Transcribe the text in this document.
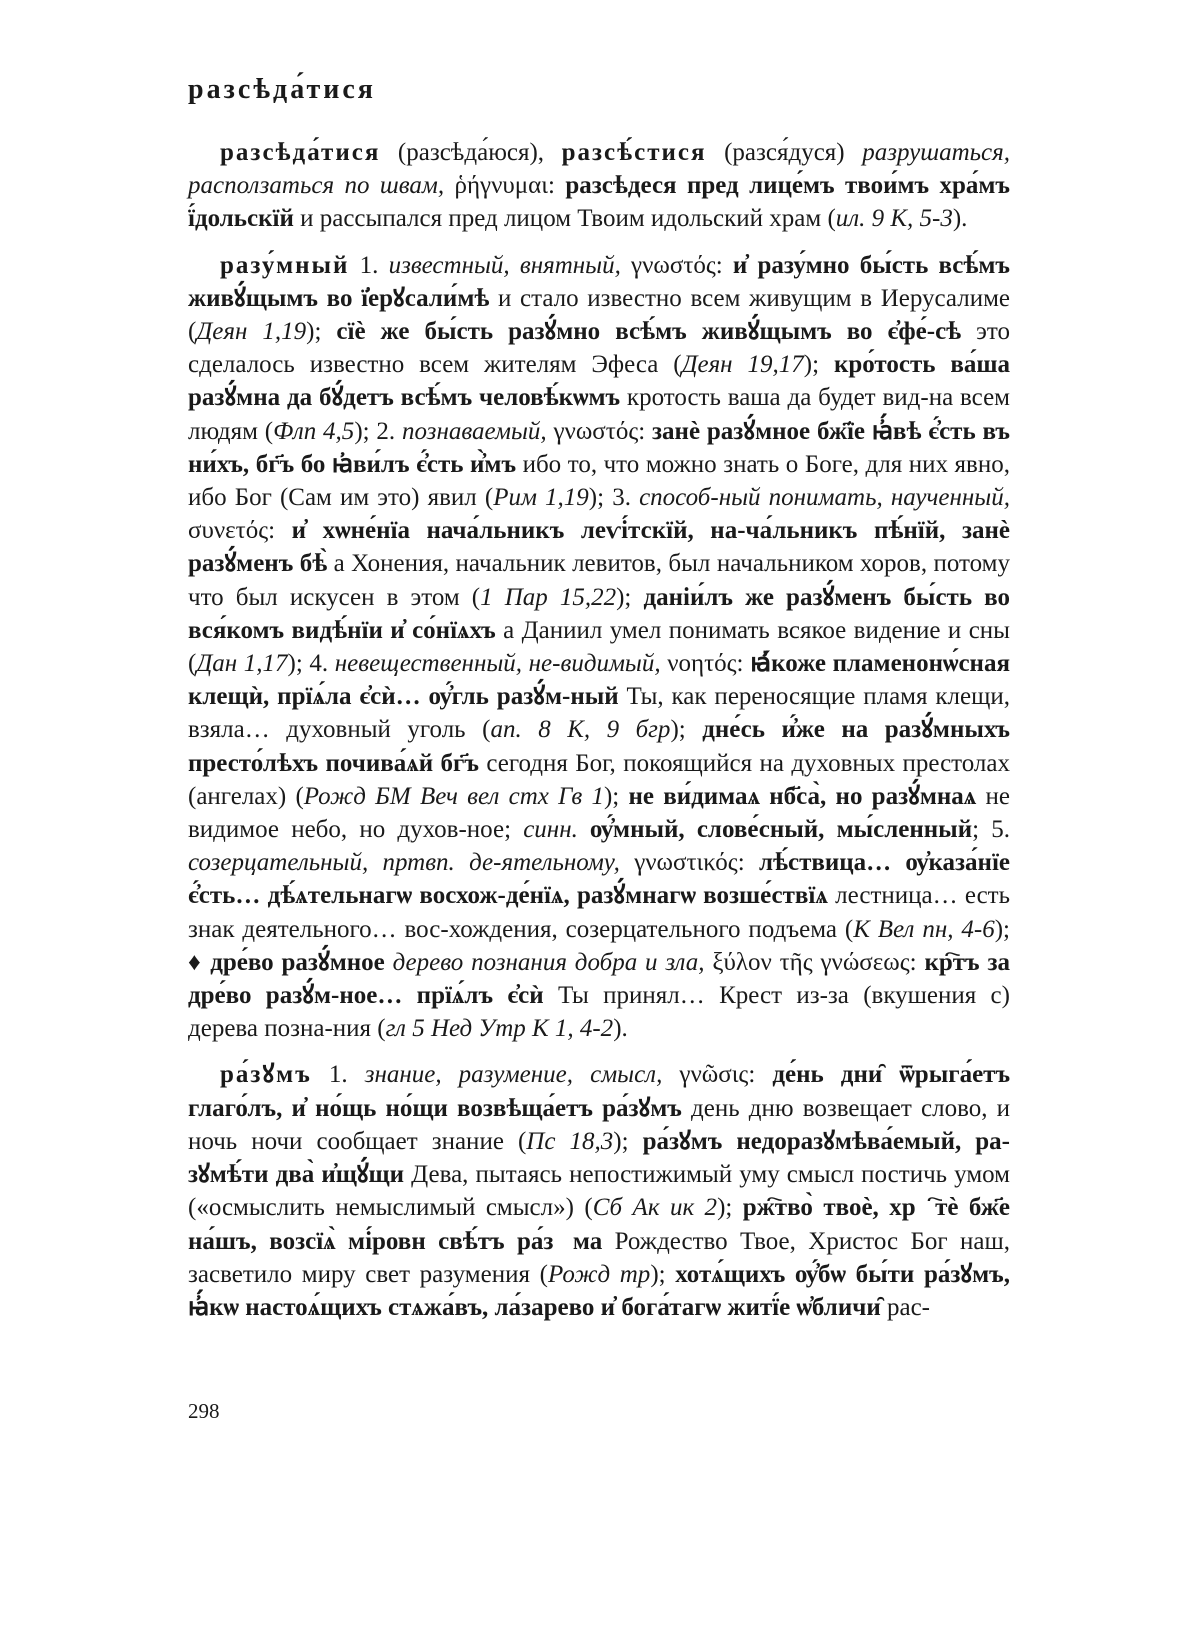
разсѣда́тися

разсѣда́тися (разсѣда́юся), разсѣ́стися (разся́дуся) разрушаться, расползаться по швам, ῥήγνυμαι: разсѣдеся пред лице́мъ твои́мъ хра́мъ ї́дольскїй и рассыпался пред лицом Твоим идольский храм (ил. 9 К, 5-3).

разу́мный 1. известный, внятный, γνωστός: и҆ разу́мно бы́сть всѣ́мъ живꙋ́щымъ во ї҆ерꙋсали́мѣ и стало известно всем живущим в Иерусалиме (Деян 1,19); сїѐ же бы́сть разꙋ́мно всѣ́мъ живꙋ́щымъ во є҆фе́-сѣ это сделалось известно всем жителям Эфеса (Деян 19,17); кро́тость ва́ша разꙋ́мна да бꙋ́детъ всѣ́мъ человѣ́кѡмъ кротость ваша да будет вид-на всем людям (Флп 4,5); 2. познаваемый, γνωστός: занѐ разꙋ́мное бж҃їе ꙗ҆́вѣ є҆́сть въ ни́хъ, бг҃ъ бо ꙗ҆ви́лъ є҆́сть и҆̀мъ ибо то, что можно знать о Боге, для них явно, ибо Бог (Сам им это) явил (Рим 1,19); 3. способ-ный понимать, наученный, συνετός: и҆ хѡне́нїа нача́льникъ леѵі́тскїй, на-ча́льникъ пѣ́нїй, занѐ разꙋ́менъ бѣ̀ а Хонения, начальник левитов, был начальником хоров, потому что был искусен в этом (1 Пар 15,22); даніи́лъ же разꙋ́менъ бы́сть во вся́комъ видѣ́нїи и҆ со́нїѧхъ а Даниил умел понимать всякое видение и сны (Дан 1,17); 4. невещественный, не-видимый, νοητός: ꙗ҆́коже пламенонѡ́сная клещѝ, прїѧ́ла є҆сѝ… ѹ҆́гль разꙋ́м-ный Ты, как переносящие пламя клещи, взяла… духовный уголь (ап. 8 К, 9 бгр); дне́сь и҆́же на разꙋ́мныхъ престо́лѣхъ почива́ѧй бг҃ъ сегодня Бог, покоящийся на духовных престолах (ангелах) (Рожд БМ Веч вел стх Гв 1); не ви́димаѧ нб҃са̀, но разꙋ́мнаѧ не видимое небо, но духов-ное; синн. ѹ҆́мный, слове́сный, мы́сленный; 5. созерцательный, пртвп. де-ятельному, γνωστικός: лѣ́ствица… ѹ҆каза́нїе є҆́сть… дѣ́ѧтельнагѡ восхож-де́нїѧ, разꙋ́мнагѡ возше́ствїѧ лестница… есть знак деятельного… вос-хождения, созерцательного подъема (К Вел пн, 4-6); ♦ дре́во разꙋ́мное дерево познания добра и зла, ξύλον τῆς γνώσεως: кр҇тъ за дре́во разꙋ́м-ное… прїѧ́лъ є҆сѝ Ты принял… Крест из-за (вкушения с) дерева позна-ния (гл 5 Нед Утр К 1, 4-2).

ра́зꙋмъ 1. знание, разумение, смысл, γνῶσις: де́нь дни̑ ѿрыга́етъ глаго́лъ, и҆ но́щь но́щи возвѣща́етъ ра́зꙋмъ день дню возвещает слово, и ночь ночи сообщает знание (Пс 18,3); ра́зꙋмъ недоразꙋмѣва́емый, ра-зꙋмѣ́ти два̀ и҆щꙋ́щи Дева, пытаясь непостижимый уму смысл постичь умом («осмыслить немыслимый смысл») (Сб Ак ик 2); рж҇тво̀ твоѐ, хрⷭ҇тѐ бж҃е на́шъ, возсїѧ̀ мі́ровн свѣ́тъ ра́зꙋма Рождество Твое, Христос Бог наш, засветило миру свет разумения (Рожд тр); хотѧ́щихъ ѹ҆́бѡ бы́ти ра́зꙋмъ, ꙗ҆́кѡ настоѧ́щихъ стѧжа́въ, ла́зарево и҆ бога́тагѡ житї́е ѡ҆бличи̑ рас-

298
